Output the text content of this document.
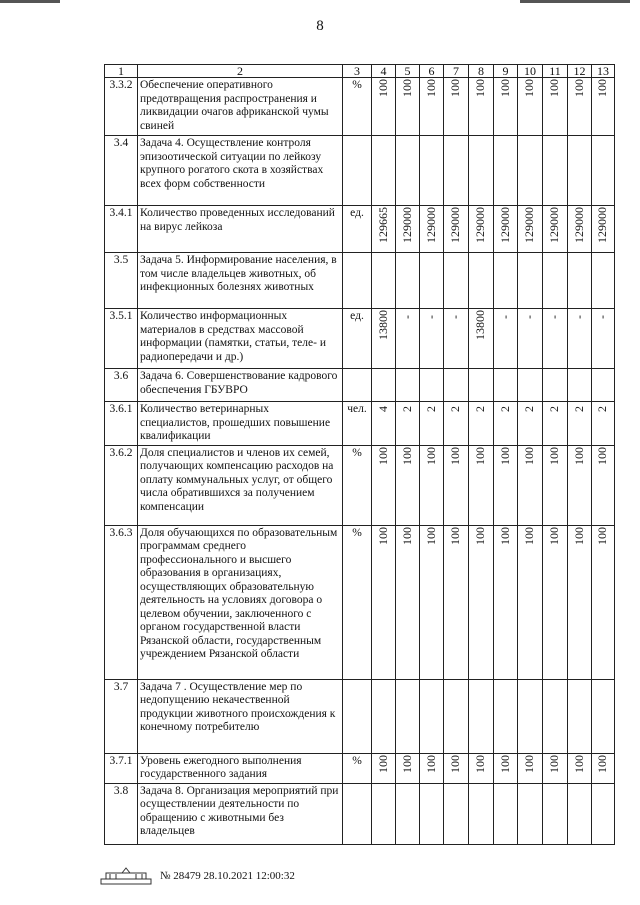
8
1	2	3	4	5	6	7	8	9	10	11	12	13
3.3.2	Обеспечение оперативного предотвращения распространения и ликвидации очагов африканской чумы свиней	%	100	100	100	100	100	100	100	100	100	100
3.4	Задача 4. Осуществление контроля эпизоотической ситуации по лейкозу крупного рогатого скота в хозяйствах всех форм собственности											
3.4.1	Количество проведенных исследований на вирус лейкоза	ед.	129665	129000	129000	129000	129000	129000	129000	129000	129000	129000
3.5	Задача 5. Информирование населения, в том числе владельцев животных, об инфекционных болезнях животных											
3.5.1	Количество информационных материалов в средствах массовой информации (памятки, статьи, теле- и радиопередачи и др.)	ед.	13800	-	-	-	13800	-	-	-	-	-
3.6	Задача 6. Совершенствование кадрового обеспечения ГБУВРО											
3.6.1	Количество ветеринарных специалистов, прошедших повышение квалификации	чел.	4	2	2	2	2	2	2	2	2	2
3.6.2	Доля специалистов и членов их семей, получающих компенсацию расходов на оплату коммунальных услуг, от общего числа обратившихся за получением компенсации	%	100	100	100	100	100	100	100	100	100	100
3.6.3	Доля обучающихся по образовательным программам среднего профессионального и высшего образования в организациях, осуществляющих образовательную деятельность на условиях договора о целевом обучении, заключенного с органом государственной власти Рязанской области, государственным учреждением Рязанской области	%	100	100	100	100	100	100	100	100	100	100
3.7	Задача 7 . Осуществление мер по недопущению некачественной продукции животного происхождения к конечному потребителю											
3.7.1	Уровень ежегодного выполнения государственного задания	%	100	100	100	100	100	100	100	100	100	100
3.8	Задача 8. Организация мероприятий при осуществлении деятельности по обращению с животными без владельцев											
№ 28479 28.10.2021 12:00:32
